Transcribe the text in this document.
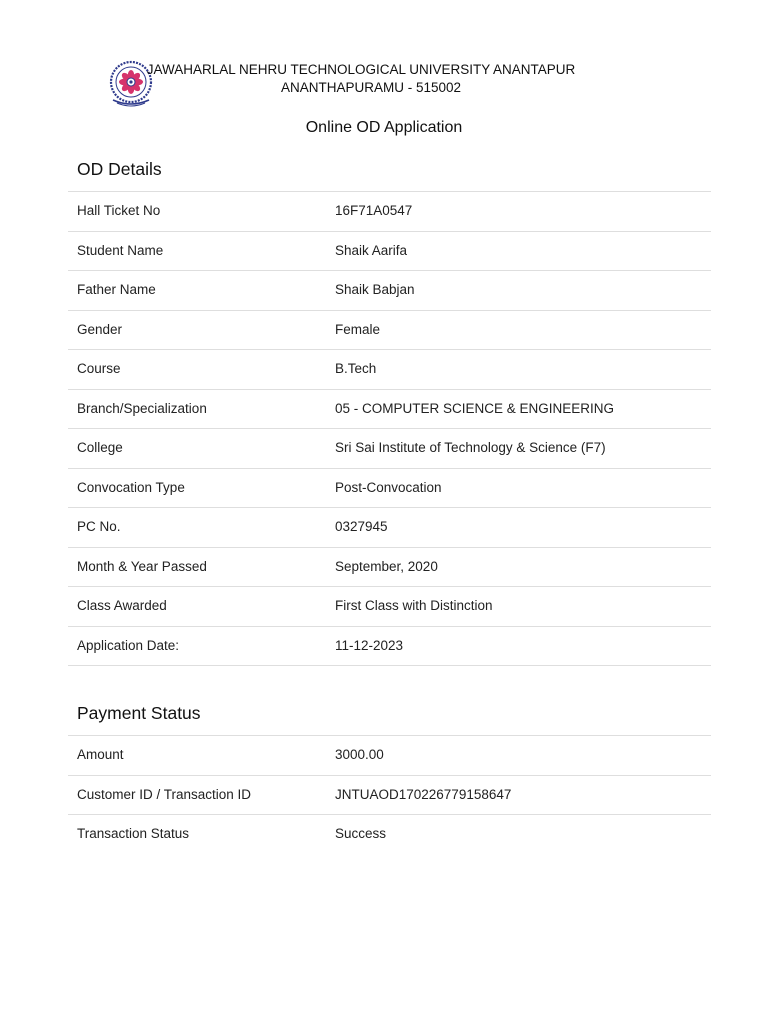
JAWAHARLAL NEHRU TECHNOLOGICAL UNIVERSITY ANANTAPUR
ANANTHAPURAMU - 515002
Online OD Application
OD Details
Hall Ticket No	16F71A0547
Student Name	Shaik Aarifa
Father Name	Shaik Babjan
Gender	Female
Course	B.Tech
Branch/Specialization	05 - COMPUTER SCIENCE & ENGINEERING
College	Sri Sai Institute of Technology & Science (F7)
Convocation Type	Post-Convocation
PC No.	0327945
Month & Year Passed	September, 2020
Class Awarded	First Class with Distinction
Application Date:	11-12-2023
Payment Status
Amount	3000.00
Customer ID / Transaction ID	JNTUAOD170226779158647
Transaction Status	Success
